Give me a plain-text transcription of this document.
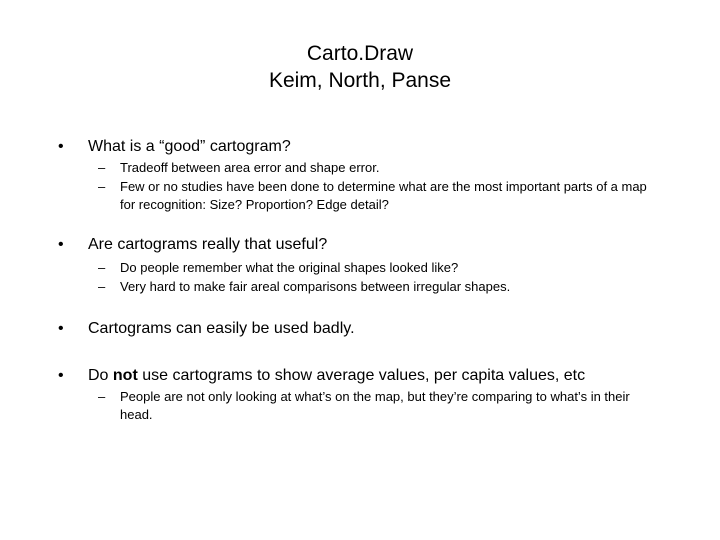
Carto.Draw
Keim, North, Panse
• What is a “good” cartogram?
– Tradeoff between area error and shape error.
– Few or no studies have been done to determine what are the most important parts of a map for recognition: Size? Proportion? Edge detail?
• Are cartograms really that useful?
– Do people remember what the original shapes looked like?
– Very hard to make fair areal comparisons between irregular shapes.
• Cartograms can easily be used badly.
• Do not use cartograms to show average values, per capita values, etc
– People are not only looking at what’s on the map, but they’re comparing to what’s in their head.
